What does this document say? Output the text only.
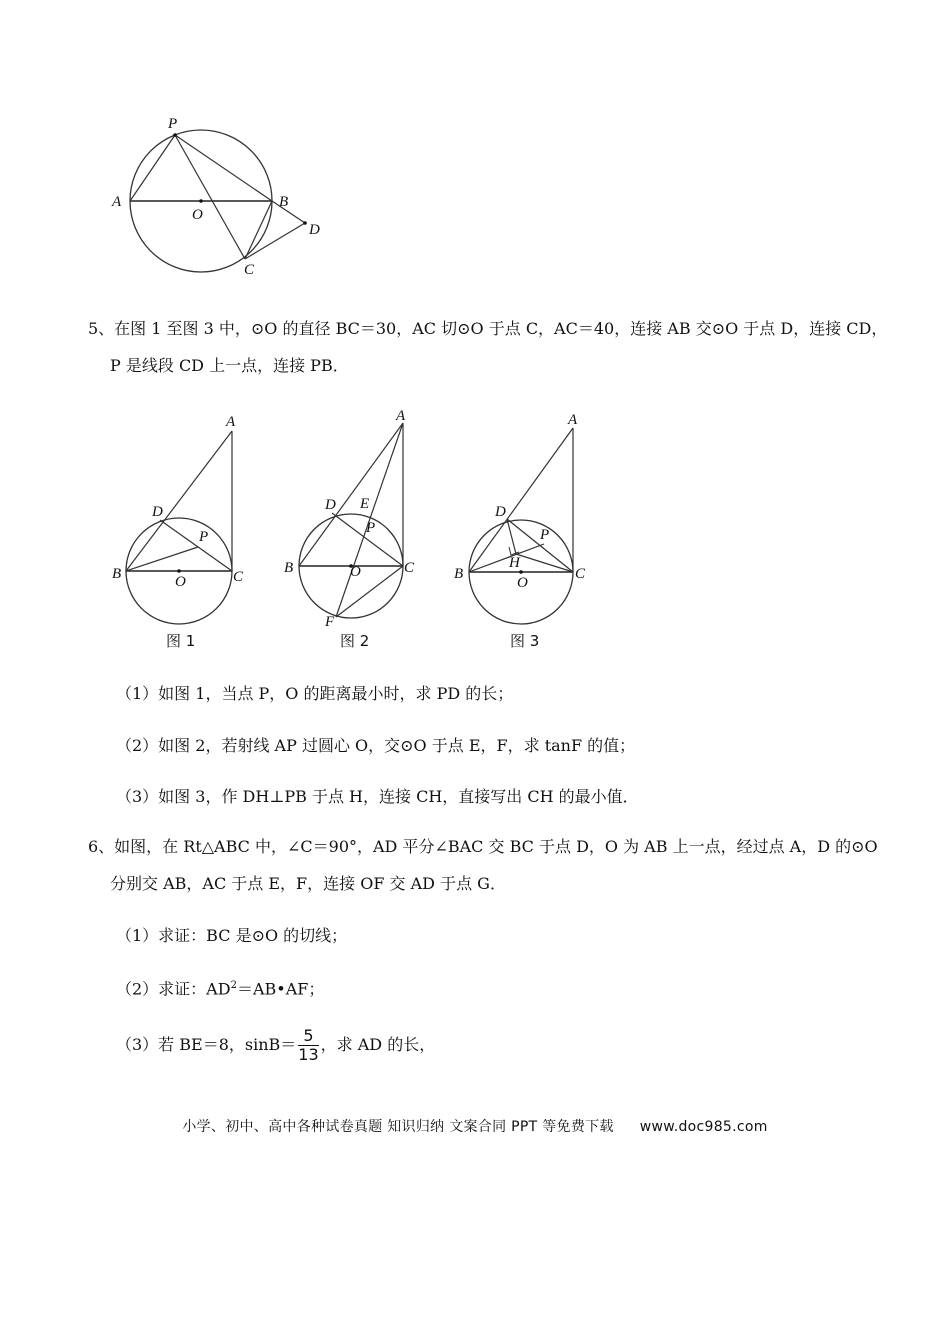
P
A
O
B
D
C
5、在图 1 至图 3 中，⊙O 的直径 BC＝30，AC 切⊙O 于点 C，AC＝40，连接 AB 交⊙O 于点 D，连接 CD，
P 是线段 CD 上一点，连接 PB．
A
D
P
B	O	C
图 1
A
D E
P
B	O	C
F
图 2
A
D
P
H
B
O
C
图 3
（1）如图 1，当点 P，O 的距离最小时，求 PD 的长；
（2）如图 2，若射线 AP 过圆心 O，交⊙O 于点 E，F，求 tanF 的值；
（3）如图 3，作 DH⊥PB 于点 H，连接 CH，直接写出 CH 的最小值．
6、如图，在 Rt△ABC 中，∠C＝90°，AD 平分∠BAC 交 BC 于点 D，O 为 AB 上一点，经过点 A，D 的⊙O
分别交 AB，AC 于点 E，F，连接 OF 交 AD 于点 G．
（1）求证：BC 是⊙O 的切线；
（2）求证：$AD^2=AB•AF$；
（3）若 BE＝8，$\sin B= \frac{5}{13}$ ，求 AD 的长，
小学、初中、高中各种试卷真题 知识归纳 文案合同 PPT 等免费下载 www.doc985.com
